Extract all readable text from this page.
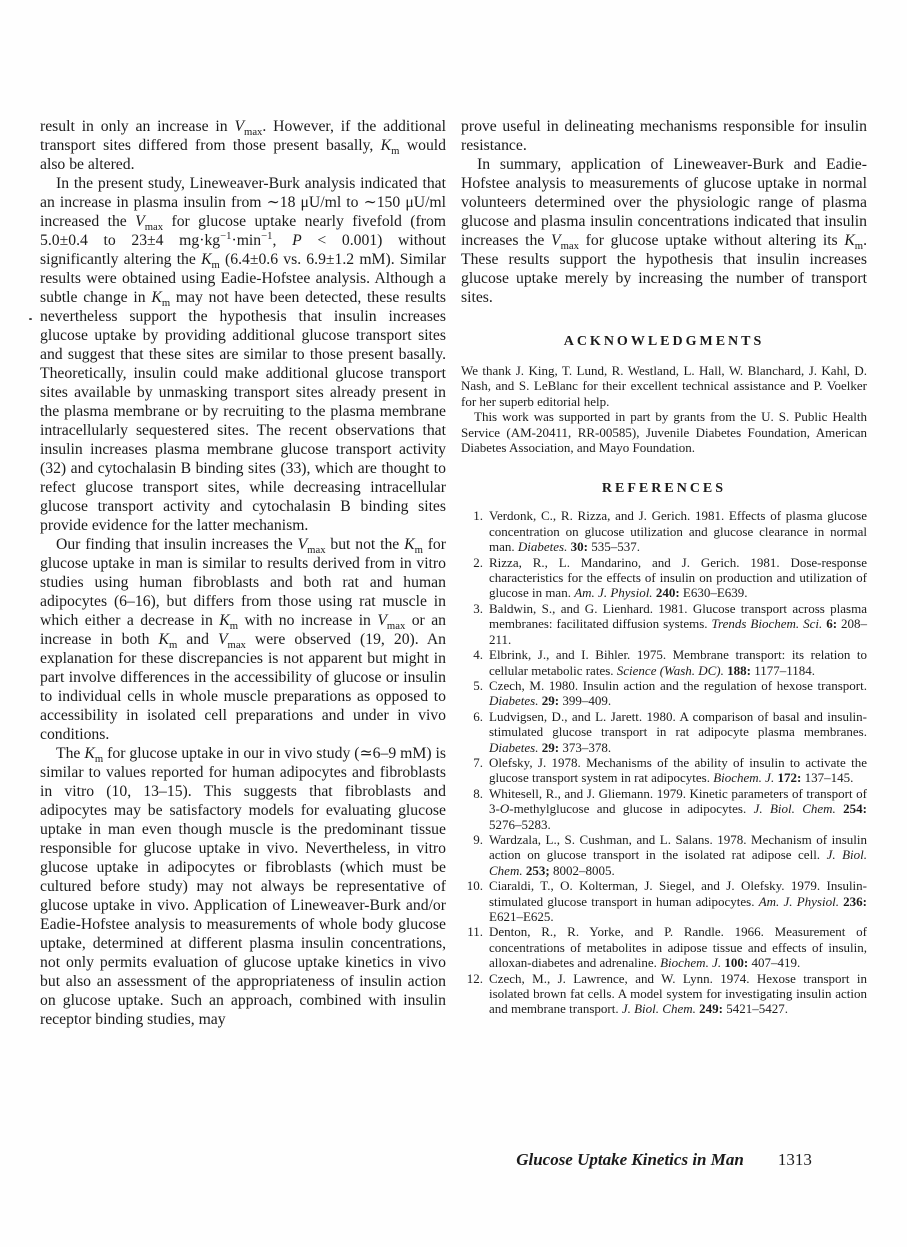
result in only an increase in $V_{max}$. However, if the additional transport sites differed from those present basally, $K_m$ would also be altered.

In the present study, Lineweaver-Burk analysis indicated that an increase in plasma insulin from ∼18 μU/ml to ∼150 μU/ml increased the $V_{max}$ for glucose uptake nearly fivefold (from 5.0±0.4 to 23±4 $mg\cdot kg^{-1}\cdot\min^{-1}$, P < 0.001) without significantly altering the $K_m$ (6.4±0.6 vs. 6.9±1.2 mM). Similar results were obtained using Eadie-Hofstee analysis. Although a subtle change in $K_m$ may not have been detected, these results nevertheless support the hypothesis that insulin increases glucose uptake by providing additional glucose transport sites and suggest that these sites are similar to those present basally. Theoretically, insulin could make additional glucose transport sites available by unmasking transport sites already present in the plasma membrane or by recruiting to the plasma membrane intracellularly sequestered sites. The recent observations that insulin increases plasma membrane glucose transport activity (32) and cytochalasin B binding sites (33), which are thought to refect glucose transport sites, while decreasing intracellular glucose transport activity and cytochalasin B binding sites provide evidence for the latter mechanism.

Our finding that insulin increases the $V_{max}$ but not the $K_m$ for glucose uptake in man is similar to results derived from in vitro studies using human fibroblasts and both rat and human adipocytes (6–16), but differs from those using rat muscle in which either a decrease in $K_m$ with no increase in $V_{max}$ or an increase in both $K_m$ and $V_{max}$ were observed (19, 20). An explanation for these discrepancies is not apparent but might in part involve differences in the accessibility of glucose or insulin to individual cells in whole muscle preparations as opposed to accessibility in isolated cell preparations and under in vivo conditions.

The $K_m$ for glucose uptake in our in vivo study (≃6–9 mM) is similar to values reported for human adipocytes and fibroblasts in vitro (10, 13–15). This suggests that fibroblasts and adipocytes may be satisfactory models for evaluating glucose uptake in man even though muscle is the predominant tissue responsible for glucose uptake in vivo. Nevertheless, in vitro glucose uptake in adipocytes or fibroblasts (which must be cultured before study) may not always be representative of glucose uptake in vivo. Application of Lineweaver-Burk and/or Eadie-Hofstee analysis to measurements of whole body glucose uptake, determined at different plasma insulin concentrations, not only permits evaluation of glucose uptake kinetics in vivo but also an assessment of the appropriateness of insulin action on glucose uptake. Such an approach, combined with insulin receptor binding studies, may

prove useful in delineating mechanisms responsible for insulin resistance.

In summary, application of Lineweaver-Burk and Eadie-Hofstee analysis to measurements of glucose uptake in normal volunteers determined over the physiologic range of plasma glucose and plasma insulin concentrations indicated that insulin increases the $V_{max}$ for glucose uptake without altering its $K_m$. These results support the hypothesis that insulin increases glucose uptake merely by increasing the number of transport sites.

ACKNOWLEDGMENTS

We thank J. King, T. Lund, R. Westland, L. Hall, W. Blanchard, J. Kahl, D. Nash, and S. LeBlanc for their excellent technical assistance and P. Voelker for her superb editorial help.

This work was supported in part by grants from the U. S. Public Health Service (AM-20411, RR-00585), Juvenile Diabetes Foundation, American Diabetes Association, and Mayo Foundation.

REFERENCES
1. Verdonk, C., R. Rizza, and J. Gerich. 1981. Effects of plasma glucose concentration on glucose utilization and glucose clearance in normal man. Diabetes. 30: 535–537.
2. Rizza, R., L. Mandarino, and J. Gerich. 1981. Dose-response characteristics for the effects of insulin on production and utilization of glucose in man. Am. J. Physiol. 240: E630–E639.
3. Baldwin, S., and G. Lienhard. 1981. Glucose transport across plasma membranes: facilitated diffusion systems. Trends Biochem. Sci. 6: 208–211.
4. Elbrink, J., and I. Bihler. 1975. Membrane transport: its relation to cellular metabolic rates. Science (Wash. DC). 188: 1177–1184.
5. Czech, M. 1980. Insulin action and the regulation of hexose transport. Diabetes. 29: 399–409.
6. Ludvigsen, D., and L. Jarett. 1980. A comparison of basal and insulin-stimulated glucose transport in rat adipocyte plasma membranes. Diabetes. 29: 373–378.
7. Olefsky, J. 1978. Mechanisms of the ability of insulin to activate the glucose transport system in rat adipocytes. Biochem. J. 172: 137–145.
8. Whitesell, R., and J. Gliemann. 1979. Kinetic parameters of transport of 3-O-methylglucose and glucose in adipocytes. J. Biol. Chem. 254: 5276–5283.
9. Wardzala, L., S. Cushman, and L. Salans. 1978. Mechanism of insulin action on glucose transport in the isolated rat adipose cell. J. Biol. Chem. 253; 8002–8005.
10. Ciaraldi, T., O. Kolterman, J. Siegel, and J. Olefsky. 1979. Insulin-stimulated glucose transport in human adipocytes. Am. J. Physiol. 236: E621–E625.
11. Denton, R., R. Yorke, and P. Randle. 1966. Measurement of concentrations of metabolites in adipose tissue and effects of insulin, alloxan-diabetes and adrenaline. Biochem. J. 100: 407–419.
12. Czech, M., J. Lawrence, and W. Lynn. 1974. Hexose transport in isolated brown fat cells. A model system for investigating insulin action and membrane transport. J. Biol. Chem. 249: 5421–5427.
Glucose Uptake Kinetics in Man 1313
